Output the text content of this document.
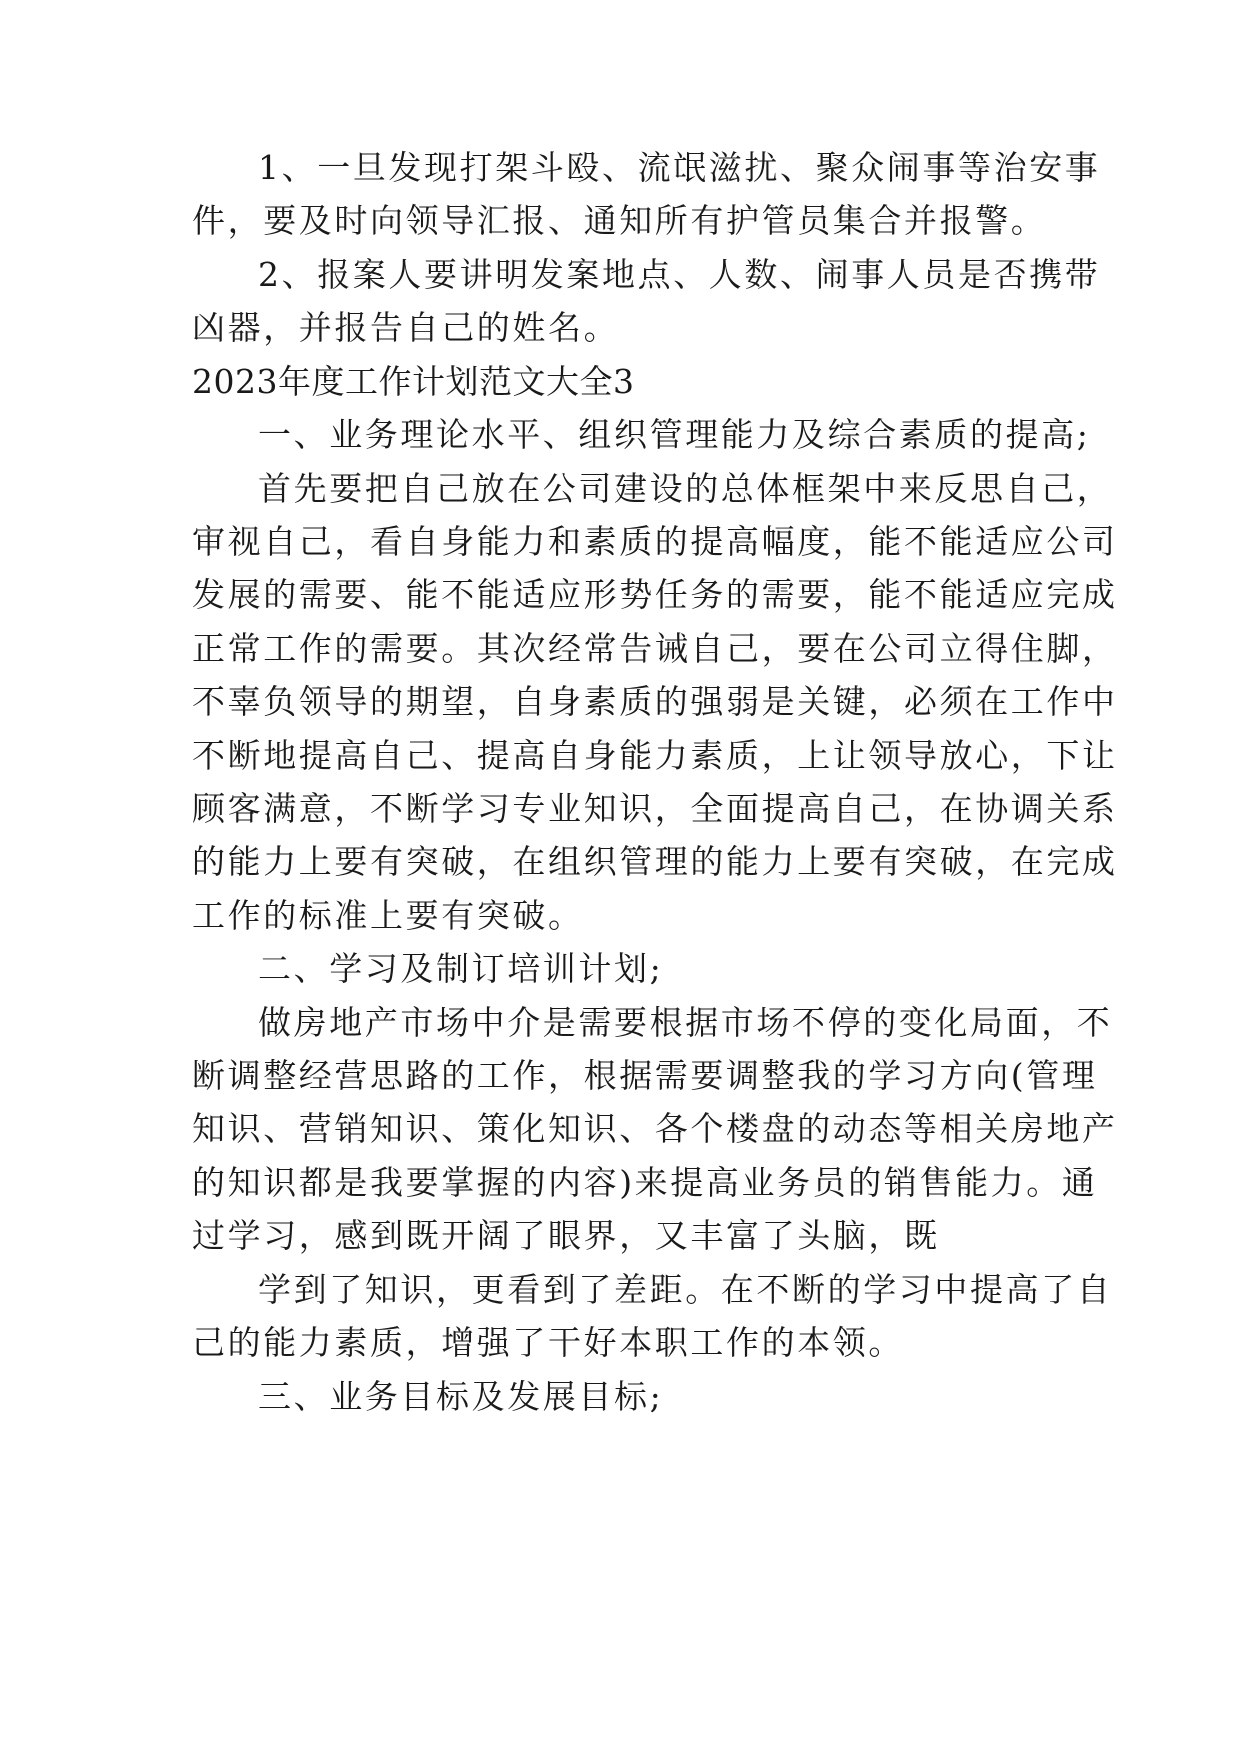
1、一旦发现打架斗殴、流氓滋扰、聚众闹事等治安事
件，要及时向领导汇报、通知所有护管员集合并报警。
2、报案人要讲明发案地点、人数、闹事人员是否携带
凶器，并报告自己的姓名。
2023年度工作计划范文大全3
一、业务理论水平、组织管理能力及综合素质的提高;
首先要把自己放在公司建设的总体框架中来反思自己，
审视自己，看自身能力和素质的提高幅度，能不能适应公司
发展的需要、能不能适应形势任务的需要，能不能适应完成
正常工作的需要。其次经常告诫自己，要在公司立得住脚，
不辜负领导的期望，自身素质的强弱是关键，必须在工作中
不断地提高自己、提高自身能力素质，上让领导放心，下让
顾客满意，不断学习专业知识，全面提高自己，在协调关系
的能力上要有突破，在组织管理的能力上要有突破，在完成
工作的标准上要有突破。
二、学习及制订培训计划;
做房地产市场中介是需要根据市场不停的变化局面，不
断调整经营思路的工作，根据需要调整我的学习方向(管理
知识、营销知识、策化知识、各个楼盘的动态等相关房地产
的知识都是我要掌握的内容)来提高业务员的销售能力。通
过学习，感到既开阔了眼界，又丰富了头脑，既
学到了知识，更看到了差距。在不断的学习中提高了自
己的能力素质，增强了干好本职工作的本领。
三、业务目标及发展目标;
